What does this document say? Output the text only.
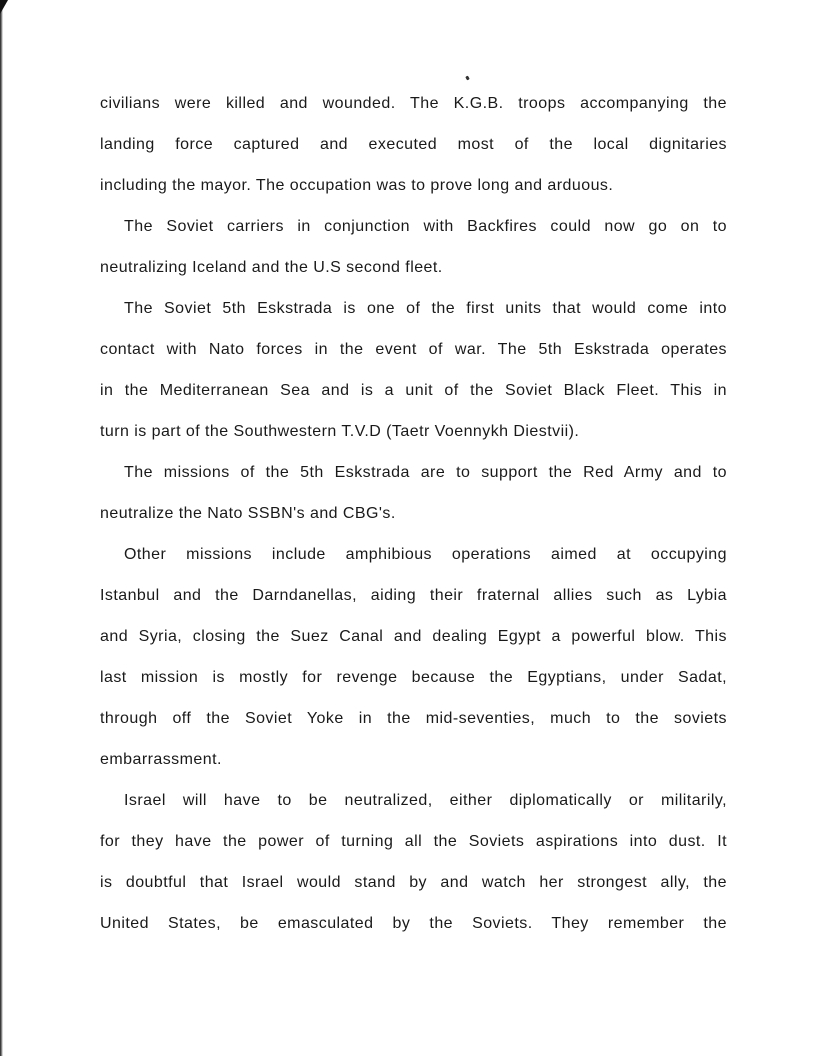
civilians were killed and wounded. The K.G.B. troops accompanying the
landing force captured and executed most of the local dignitaries
including the mayor. The occupation was to prove long and arduous.
The Soviet carriers in conjunction with Backfires could now go on to
neutralizing Iceland and the U.S second fleet.
The Soviet 5th Eskstrada is one of the first units that would come into
contact with Nato forces in the event of war. The 5th Eskstrada operates
in the Mediterranean Sea and is a unit of the Soviet Black Fleet. This in
turn is part of the Southwestern T.V.D (Taetr Voennykh Diestvii).
The missions of the 5th Eskstrada are to support the Red Army and to
neutralize the Nato SSBN's and CBG's.
Other missions include amphibious operations aimed at occupying
Istanbul and the Darndanellas, aiding their fraternal allies such as Lybia
and Syria, closing the Suez Canal and dealing Egypt a powerful blow. This
last mission is mostly for revenge because the Egyptians, under Sadat,
through off the Soviet Yoke in the mid-seventies, much to the soviets
embarrassment.
Israel will have to be neutralized, either diplomatically or militarily,
for they have the power of turning all the Soviets aspirations into dust. It
is doubtful that Israel would stand by and watch her strongest ally, the
United States, be emasculated by the Soviets. They remember the
